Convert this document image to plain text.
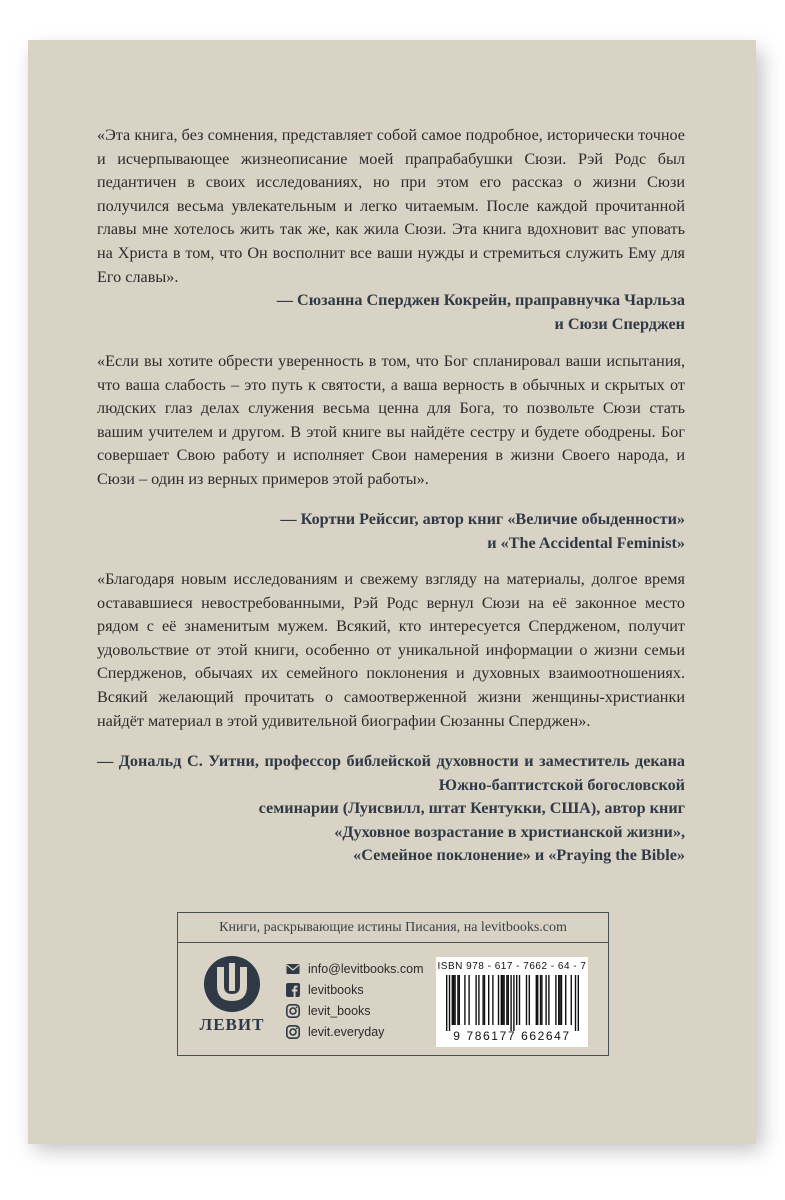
«Эта книга, без сомнения, представляет собой самое подробное, исторически точное и исчерпывающее жизнеописание моей прапрабабушки Сюзи. Рэй Родс был педантичен в своих исследованиях, но при этом его рассказ о жизни Сюзи получился весьма увлекательным и легко читаемым. После каждой прочитанной главы мне хотелось жить так же, как жила Сюзи. Эта книга вдохновит вас уповать на Христа в том, что Он восполнит все ваши нужды и стремиться служить Ему для Его славы».
— Сюзанна Сперджен Кокрейн, праправнучка Чарльза
и Сюзи Сперджен
«Если вы хотите обрести уверенность в том, что Бог спланировал ваши испытания, что ваша слабость – это путь к святости, а ваша верность в обычных и скрытых от людских глаз делах служения весьма ценна для Бога, то позвольте Сюзи стать вашим учителем и другом. В этой книге вы найдёте сестру и будете ободрены. Бог совершает Свою работу и исполняет Свои намерения в жизни Своего народа, и Сюзи – один из верных примеров этой работы».
— Кортни Рейссиг, автор книг «Величие обыденности»
и «The Accidental Feminist»
«Благодаря новым исследованиям и свежему взгляду на материалы, долгое время остававшиеся невостребованными, Рэй Родс вернул Сюзи на её законное место рядом с её знаменитым мужем. Всякий, кто интересуется Сперджeном, получит удовольствие от этой книги, особенно от уникальной информации о жизни семьи Сперджeнов, обычаях их семейного поклонения и духовных взаимоотношениях. Всякий желающий прочитать о самоотверженной жизни женщины-христианки найдёт материал в этой удивительной биографии Сюзанны Сперджен».
— Дональд С. Уитни, профессор библейской духовности и заместитель декана Южно-баптистской богословской
семинарии (Луисвилл, штат Кентукки, США), автор книг
«Духовное возрастание в христианской жизни»,
«Семейное поклонение» и «Praying the Bible»
Книги, раскрывающие истины Писания, на levitbooks.com
ЛЕВИТ
info@levitbooks.com
levitbooks
levit_books
levit.everyday
ISBN 978 - 617 - 7662 - 64 - 7
9 786177 662647
